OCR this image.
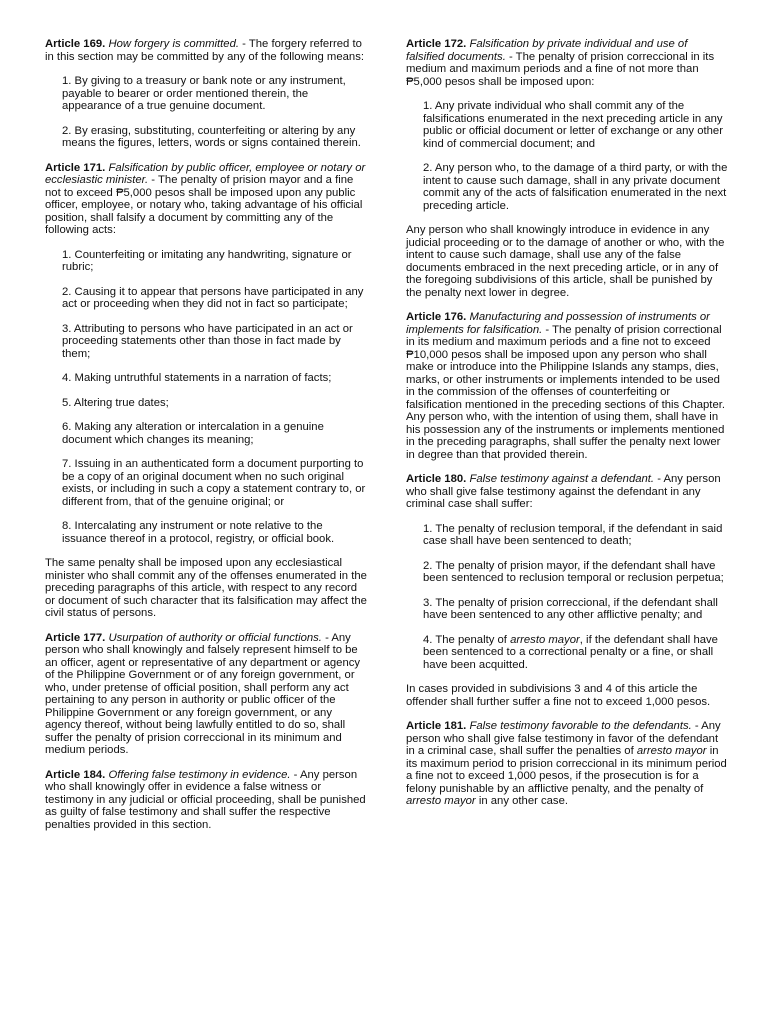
Article 169. How forgery is committed. - The forgery referred to in this section may be committed by any of the following means:

1. By giving to a treasury or bank note or any instrument, payable to bearer or order mentioned therein, the appearance of a true genuine document.

2. By erasing, substituting, counterfeiting or altering by any means the figures, letters, words or signs contained therein.

Article 171. Falsification by public officer, employee or notary or ecclesiastic minister. - The penalty of prision mayor and a fine not to exceed ₱5,000 pesos shall be imposed upon any public officer, employee, or notary who, taking advantage of his official position, shall falsify a document by committing any of the following acts:

1. Counterfeiting or imitating any handwriting, signature or rubric;

2. Causing it to appear that persons have participated in any act or proceeding when they did not in fact so participate;

3. Attributing to persons who have participated in an act or proceeding statements other than those in fact made by them;

4. Making untruthful statements in a narration of facts;

5. Altering true dates;

6. Making any alteration or intercalation in a genuine document which changes its meaning;

7. Issuing in an authenticated form a document purporting to be a copy of an original document when no such original exists, or including in such a copy a statement contrary to, or different from, that of the genuine original; or

8. Intercalating any instrument or note relative to the issuance thereof in a protocol, registry, or official book.

The same penalty shall be imposed upon any ecclesiastical minister who shall commit any of the offenses enumerated in the preceding paragraphs of this article, with respect to any record or document of such character that its falsification may affect the civil status of persons.

Article 177. Usurpation of authority or official functions. - Any person who shall knowingly and falsely represent himself to be an officer, agent or representative of any department or agency of the Philippine Government or of any foreign government, or who, under pretense of official position, shall perform any act pertaining to any person in authority or public officer of the Philippine Government or any foreign government, or any agency thereof, without being lawfully entitled to do so, shall suffer the penalty of prision correccional in its minimum and medium periods.

Article 184. Offering false testimony in evidence. - Any person who shall knowingly offer in evidence a false witness or testimony in any judicial or official proceeding, shall be punished as guilty of false testimony and shall suffer the respective penalties provided in this section.

Article 172. Falsification by private individual and use of falsified documents. - The penalty of prision correccional in its medium and maximum periods and a fine of not more than ₱5,000 pesos shall be imposed upon:

1. Any private individual who shall commit any of the falsifications enumerated in the next preceding article in any public or official document or letter of exchange or any other kind of commercial document; and

2. Any person who, to the damage of a third party, or with the intent to cause such damage, shall in any private document commit any of the acts of falsification enumerated in the next preceding article.

Any person who shall knowingly introduce in evidence in any judicial proceeding or to the damage of another or who, with the intent to cause such damage, shall use any of the false documents embraced in the next preceding article, or in any of the foregoing subdivisions of this article, shall be punished by the penalty next lower in degree.

Article 176. Manufacturing and possession of instruments or implements for falsification. - The penalty of prision correctional in its medium and maximum periods and a fine not to exceed ₱10,000 pesos shall be imposed upon any person who shall make or introduce into the Philippine Islands any stamps, dies, marks, or other instruments or implements intended to be used in the commission of the offenses of counterfeiting or falsification mentioned in the preceding sections of this Chapter. Any person who, with the intention of using them, shall have in his possession any of the instruments or implements mentioned in the preceding paragraphs, shall suffer the penalty next lower in degree than that provided therein.

Article 180. False testimony against a defendant. - Any person who shall give false testimony against the defendant in any criminal case shall suffer:

1. The penalty of reclusion temporal, if the defendant in said case shall have been sentenced to death;

2. The penalty of prision mayor, if the defendant shall have been sentenced to reclusion temporal or reclusion perpetua;

3. The penalty of prision correccional, if the defendant shall have been sentenced to any other afflictive penalty; and

4. The penalty of arresto mayor, if the defendant shall have been sentenced to a correctional penalty or a fine, or shall have been acquitted.

In cases provided in subdivisions 3 and 4 of this article the offender shall further suffer a fine not to exceed 1,000 pesos.

Article 181. False testimony favorable to the defendants. - Any person who shall give false testimony in favor of the defendant in a criminal case, shall suffer the penalties of arresto mayor in its maximum period to prision correccional in its minimum period a fine not to exceed 1,000 pesos, if the prosecution is for a felony punishable by an afflictive penalty, and the penalty of arresto mayor in any other case.
